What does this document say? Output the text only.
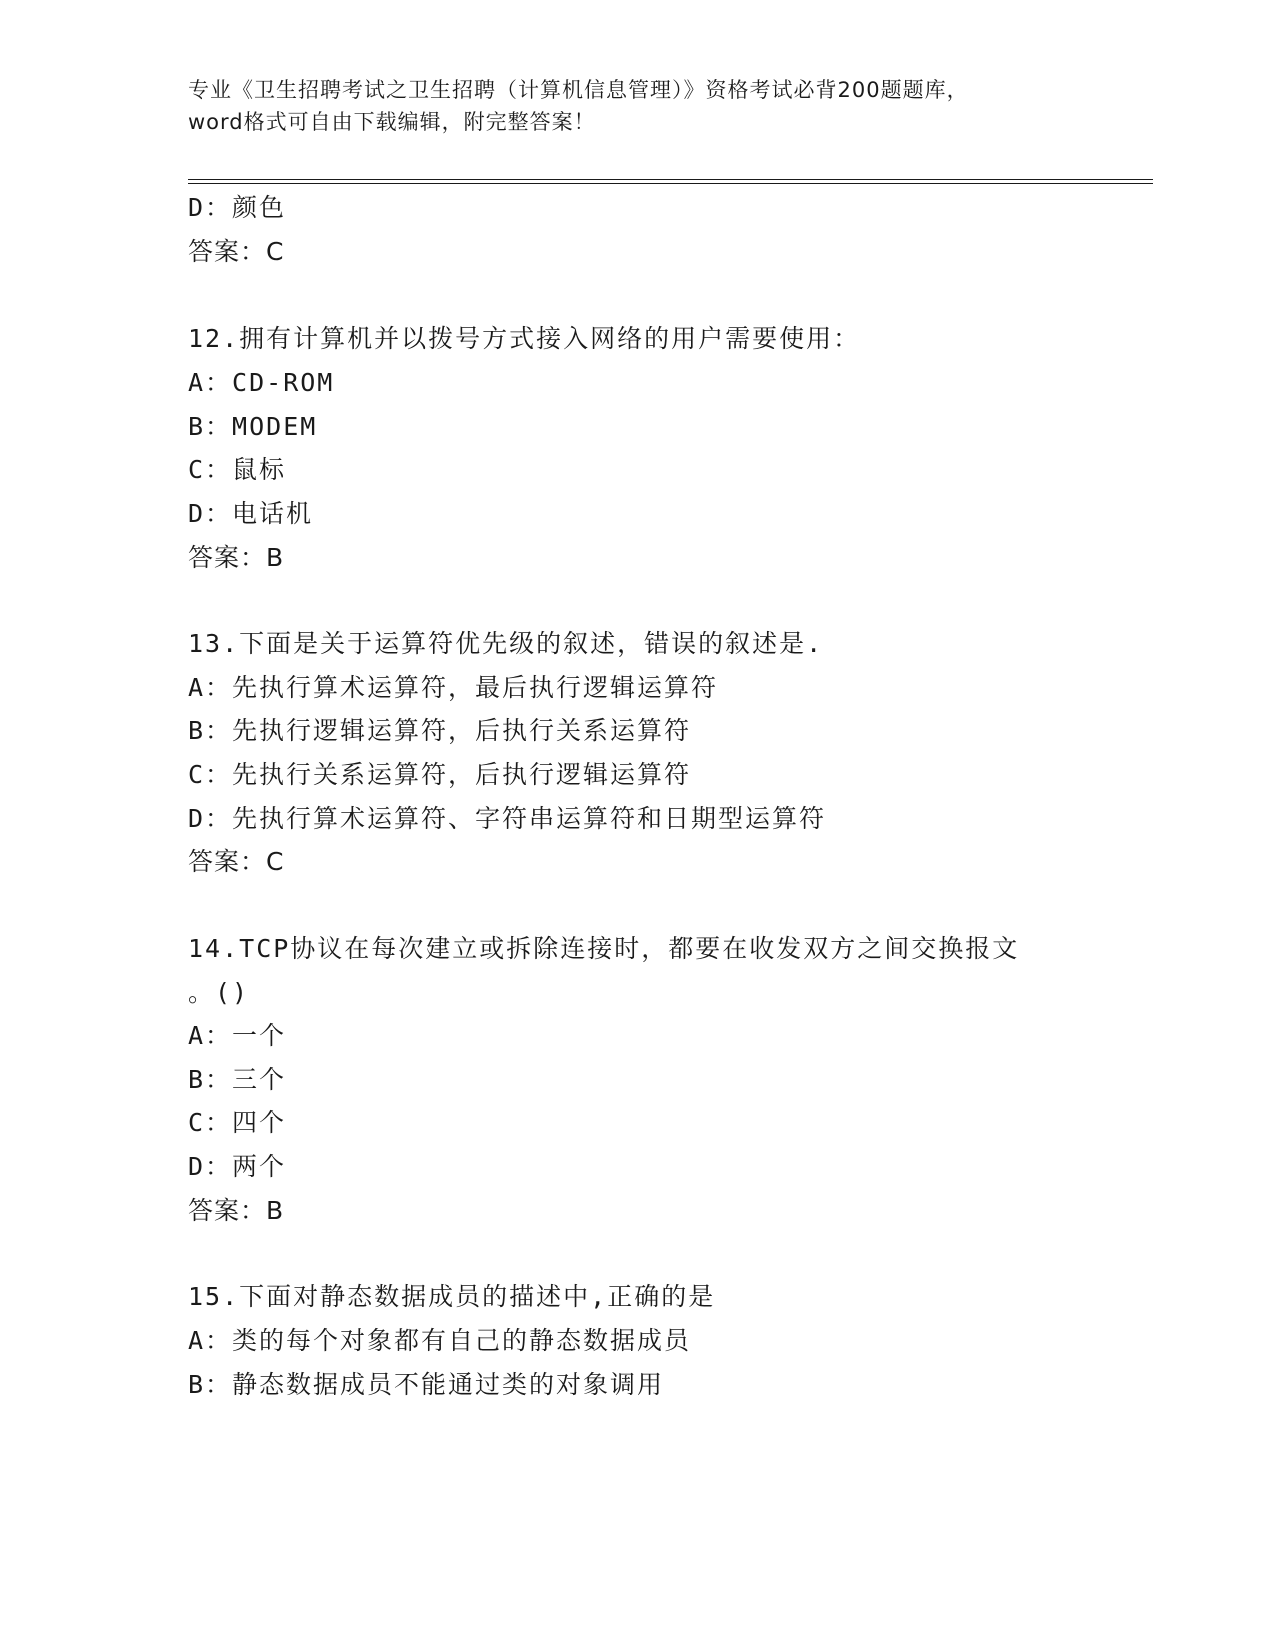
专业《卫生招聘考试之卫生招聘（计算机信息管理）》资格考试必背200题题库，
word格式可自由下载编辑，附完整答案！
D：颜色
答案：C
12.拥有计算机并以拨号方式接入网络的用户需要使用：
A：CD-ROM
B：MODEM
C：鼠标
D：电话机
答案：B
13.下面是关于运算符优先级的叙述，错误的叙述是.
A：先执行算术运算符，最后执行逻辑运算符
B：先执行逻辑运算符，后执行关系运算符
C：先执行关系运算符，后执行逻辑运算符
D：先执行算术运算符、字符串运算符和日期型运算符
答案：C
14.TCP协议在每次建立或拆除连接时，都要在收发双方之间交换报文
。()
A：一个
B：三个
C：四个
D：两个
答案：B
15.下面对静态数据成员的描述中,正确的是
A：类的每个对象都有自己的静态数据成员
B：静态数据成员不能通过类的对象调用
